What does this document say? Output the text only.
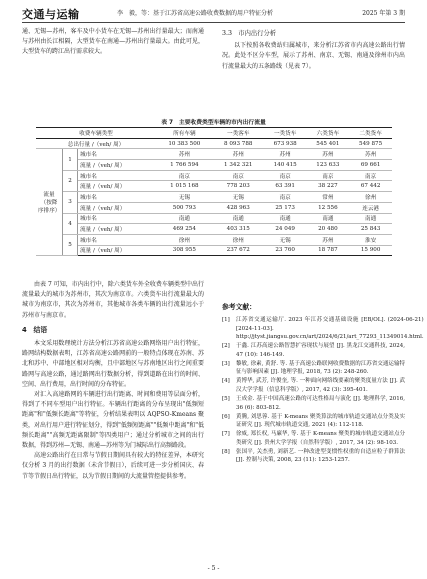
交通与运输	李　毅，等：基于江苏省高速公路收费数据的用户特征分析	2025 年第 3 期

通、无锡—苏州，客车及中小货车在无锡—苏州出行量最大；而南通与苏州由长江相隔，大型货车在南通—苏州出行量最大。由此可见，大型货车的跨江出行需求较大。

3.3　市内出行分析

以下按照各收费站归属城市，来分析江苏省市内高速公路出行情况。此处不区分车型，展示了苏州、南京、无锡、南通及徐州市内出行流量最大的五条路线（见表 7）。

表 7　主要收费类型车辆的市内出行流量
收费车辆类型			所有车辆	一类客车	一类货车	六类货车	二类货车
总出行量 /（veh/ 周）			10 383 500	8 093 788	673 938	545 401	549 875
流量（按降序排序）	1	城市名	苏州	苏州	苏州	苏州	苏州
		流量 /（veh/ 周）	1 766 594	1 342 321	140 415	123 633	69 661
	2	城市名	南京	南京	南京	南京	南京
		流量 /（veh/ 周）	1 015 168	778 203	63 391	38 227	67 442
	3	城市名	无锡	无锡	南京	常州	徐州
		流量 /（veh/ 周）	500 793	428 963	25 173	12 556	连云港
	4	城市名	南通	南通	南通	南通	南通
		流量 /（veh/ 周）	469 254	403 315	24 049	20 480	25 843
	5	城市名	徐州	徐州	无锡	苏州	淮安
		流量 /（veh/ 周）	308 955	237 672	23 760	18 787	15 900

由表 7 可知，市内出行中，除六类货车外全收费车辆类型中出行流量最大的城市为苏州市，其次为南京市。六类货车出行流量最大的城市为南京市，其次为苏州市，其他城市各类车辆的出行流量远小于苏州市与南京市。

4　结语

本文采用数理统计方法分析江苏省高速公路网络用户出行特征，路网结构数据表明，江苏省高速公路网前的一般特点体现在苏南、苏北和苏中、中部地区相对均衡，且中部地区与苏南地区出行之间重要路网与高速公路，通过路网出行数据分析，得到道路在出行的时间、空间、出行费用，出行时间的分布特征。

对汇入高速路网的车辆进行出行距离、时间和费用等层面分析，得到了不同车型用户出行特征。车辆出行距离的分布呈现出"低频短距离"和"低频长距离"等特征，分析结果表明以 AQPSO-Kmeans 聚类，对出行用户进行特征划分，得到"低频短距离""低频中距离"和"低频长距离""高频无距离限制"等四类用户；通过分析城市之间的出行数据，得到苏州—无锡、南通—苏州等为门城际出行高频路段。

高速公路出行在日常与节假日期间具有较大的特征差异，本研究仅分析 3 月的出行数据（未含节假日），后续可进一步分析国庆、春节等节假日出行特征，以为节假日期间的大流量管控提供参考。

参考文献：
[1]	江苏省交通运输厅. 2023 年江苏交通基础设施 [EB/OL]. (2024-06-21) [2024-11-03]. http://jtyst.jiangsu.gov.cn/art/2024/6/21/art_77293_11349014.html.
[2]	于鑫. 江苏高速公路智慧扩容现状与展望 [J]. 黑龙江交通科技, 2024, 47 (10): 146-149.
[3]	黎敏, 徐素, 黄舒. 等. 基于高速公路联网收费数据的江苏省交通运输特征与影响因素 [J]. 地理学报, 2018, 73 (2): 248-260.
[4]	黄博华, 武芳, 许俊奎, 等. 一种面向网络线要素的聚类度量方法 [J]. 武汉大学学报（信息科学版）, 2017, 42 (3): 395-401.
[5]	王成金. 基于中国高速公路的可达性格局与演化 [J]. 地理科学, 2016, 36 (6): 803-812.
[6]	黄腾, 刘思蓉. 基于 K-means 聚类算法的城市轨道交通站点分类及实证研究 [J]. 现代城市轨道交通, 2021 (4): 112-118.
[7]	徐威, 郑长权, 马廉华, 等. 基于 K-means 聚类的城市轨道交通站点分类研究 [J]. 贵州大学学报（自然科学版）, 2017, 34 (2): 98-103.
[8]	张国平, 关杰勇, 刘新艺. 一种改进型变惯性权重的自适应粒子群算法 [J]. 控制与决策, 2008, 23 (11): 1253-1257.
- 5 -
